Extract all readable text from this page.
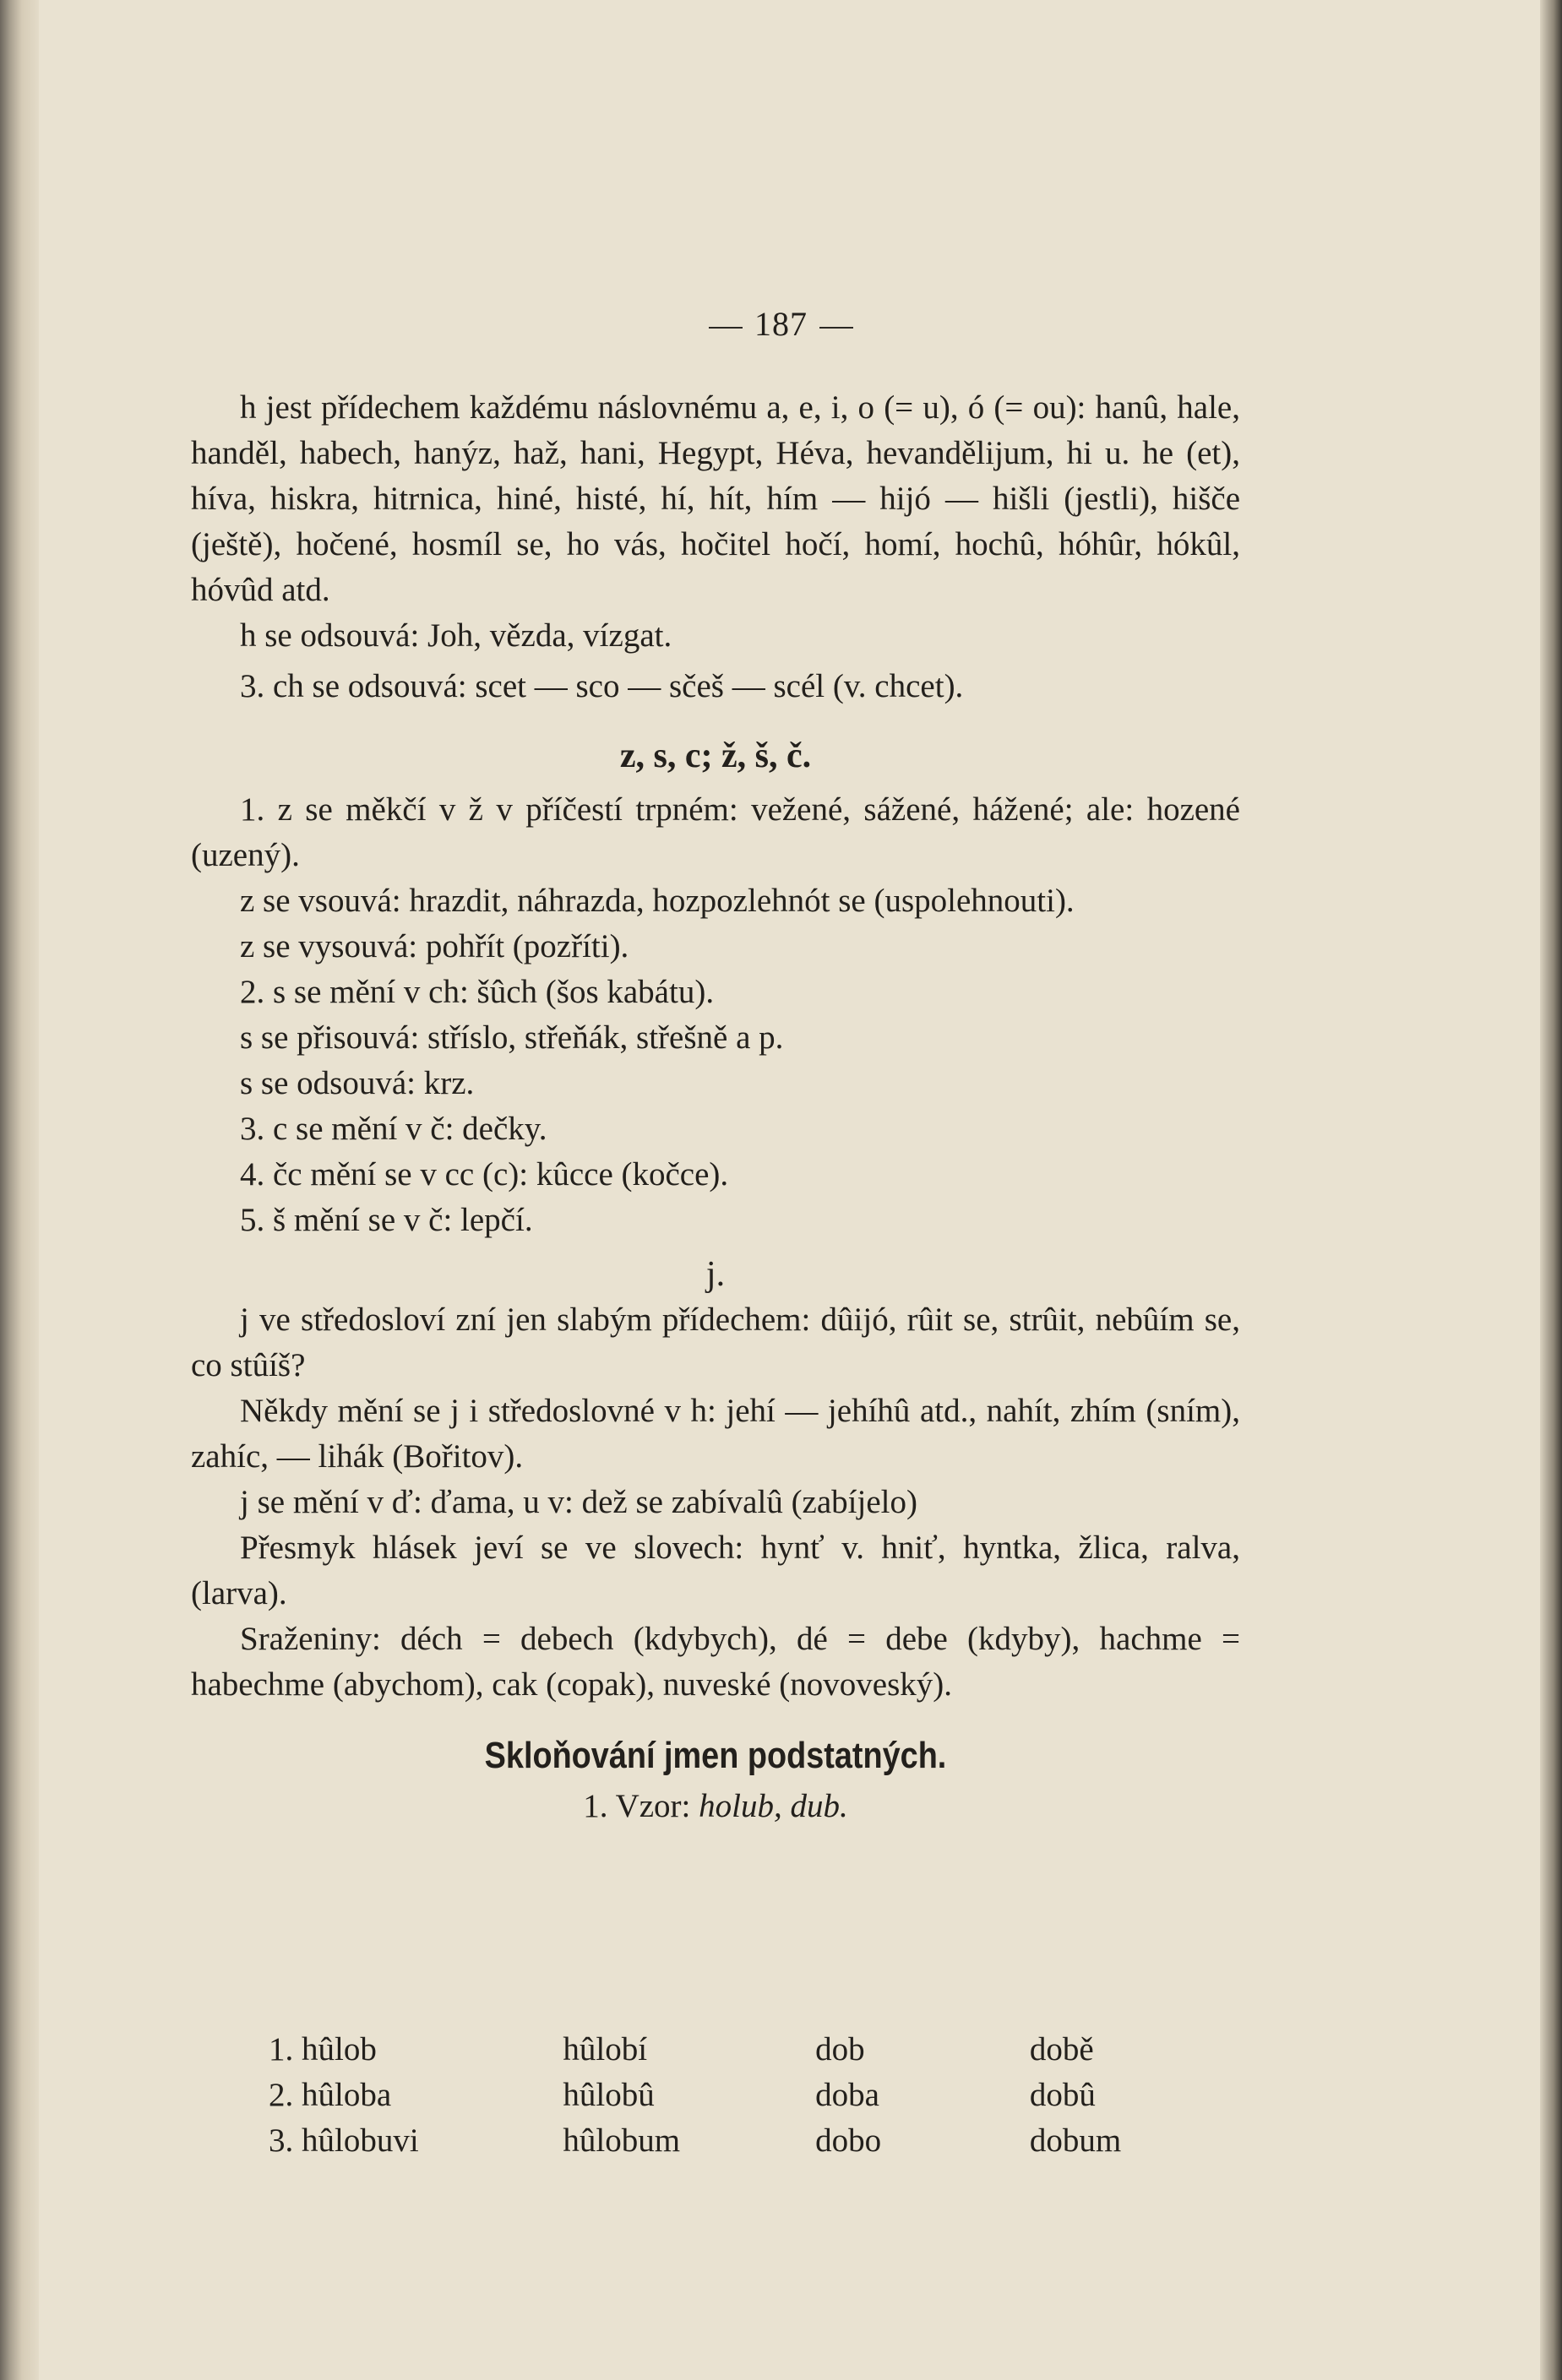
187

h jest přídechem každému náslovnému a, e, i, o (= u), ó (= ou): hanû, hale, handěl, habech, hanýz, haž, hani, Hegypt, Héva, hevandělijum, hi u. he (et), híva, hiskra, hitrnica, hiné, histé, hí, hít, hím — hijó — hišli (jestli), hišče (ještě), hočené, hosmíl se, ho vás, hočitel hočí, homí, hochû, hóhûr, hókûl, hóvûd atd.

h se odsouvá: Joh, vězda, vízgat.

3. ch se odsouvá: scet — sco — sčeš — scél (v. chcet).

z, s, c; ž, š, č.

1. z se měkčí v ž v příčestí trpném: vežené, sážené, hážené; ale: hozené (uzený).

z se vsouvá: hrazdit, náhrazda, hozpozlehnót se (uspolehnouti).

z se vysouvá: pohřít (pozříti).

2. s se mění v ch: šûch (šos kabátu).

s se přisouvá: stříslo, střeňák, střešně a p.

s se odsouvá: krz.

3. c se mění v č: dečky.

4. čc mění se v cc (c): kûcce (kočce).

5. š mění se v č: lepčí.

j.

j ve středosloví zní jen slabým přídechem: dûijó, rûit se, strûit, nebûím se, co stûíš?

Někdy mění se j i středoslovné v h: jehí — jehíhû atd., nahít, zhím (sním), zahíc, — lihák (Bořitov).

j se mění v ď: ďama, u v: dež se zabívalû (zabíjelo)

Přesmyk hlásek jeví se ve slovech: hynť v. hniť, hyntka, žlica, ralva, (larva).

Sraženiny: déch = debech (kdybych), dé = debe (kdyby), hachme = habechme (abychom), cak (copak), nuveské (novoveský).

Skloňování jmen podstatných.

1. Vzor: holub, dub.

1. hûlob	hûlobí	dob	době
2. hûloba	hûlobû	doba	dobû
3. hûlobuvi	hûlobum	dobo	dobum
